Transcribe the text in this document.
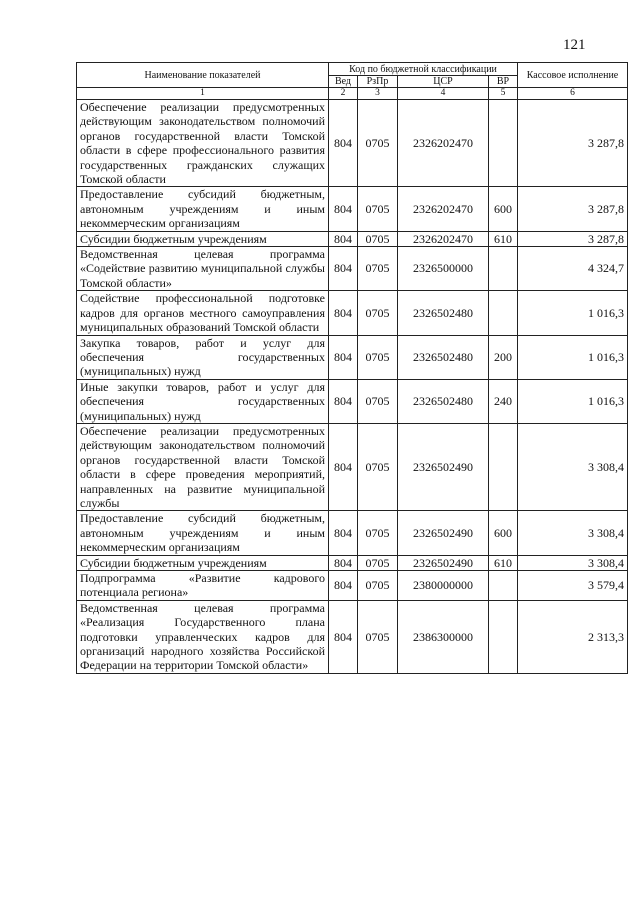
121
Наименование показателей	Код по бюджетной классификации				Кассовое исполнение
	Вед	РзПр	ЦСР	ВР	
1	2	3	4	5	6
Обеспечение реализации предусмотренных действующим законодательством полномочий органов государственной власти Томской области в сфере профессионального развития государственных гражданских служащих Томской области	804	0705	2326202470		3 287,8
Предоставление субсидий бюджетным, автономным учреждениям и иным некоммерческим организациям	804	0705	2326202470	600	3 287,8
Субсидии бюджетным учреждениям	804	0705	2326202470	610	3 287,8
Ведомственная целевая программа «Содействие развитию муниципальной службы Томской области»	804	0705	2326500000		4 324,7
Содействие профессиональной подготовке кадров для органов местного самоуправления муниципальных образований Томской области	804	0705	2326502480		1 016,3
Закупка товаров, работ и услуг для обеспечения государственных (муниципальных) нужд	804	0705	2326502480	200	1 016,3
Иные закупки товаров, работ и услуг для обеспечения государственных (муниципальных) нужд	804	0705	2326502480	240	1 016,3
Обеспечение реализации предусмотренных действующим законодательством полномочий органов государственной власти Томской области в сфере проведения мероприятий, направленных на развитие муниципальной службы	804	0705	2326502490		3 308,4
Предоставление субсидий бюджетным, автономным учреждениям и иным некоммерческим организациям	804	0705	2326502490	600	3 308,4
Субсидии бюджетным учреждениям	804	0705	2326502490	610	3 308,4
Подпрограмма «Развитие кадрового потенциала региона»	804	0705	2380000000		3 579,4
Ведомственная целевая программа «Реализация Государственного плана подготовки управленческих кадров для организаций народного хозяйства Российской Федерации на территории Томской области»	804	0705	2386300000		2 313,3
